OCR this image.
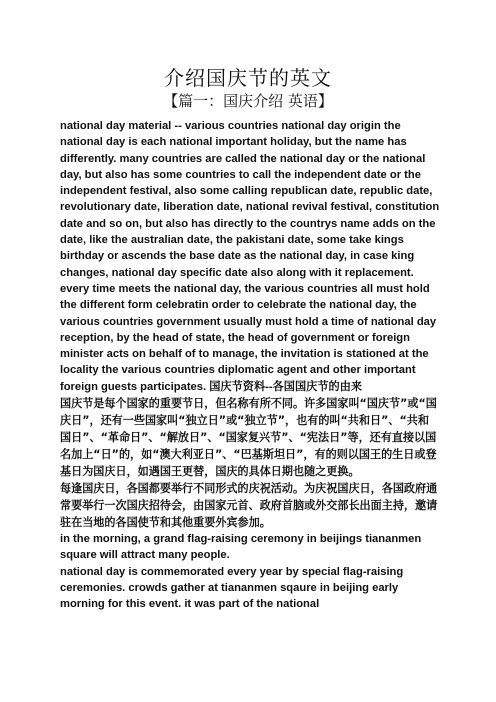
介绍国庆节的英文
【篇一：国庆介绍 英语】

national day material -- various countries national day origin the national day is each national important holiday, but the name has differently. many countries are called the national day or the national day, but also has some countries to call the independent date or the independent festival, also some calling republican date, republic date, revolutionary date, liberation date, national revival festival, constitution date and so on, but also has directly to the countrys name adds on the date, like the australian date, the pakistani date, some take kings birthday or ascends the base date as the national day, in case king changes, national day specific date also along with it replacement.

every time meets the national day, the various countries all must hold the different form celebratin order to celebrate the national day, the various countries government usually must hold a time of national day reception, by the head of state, the head of government or foreign minister acts on behalf of to manage, the invitation is stationed at the locality the various countries diplomatic agent and other important foreign guests participates. 国庆节资料--各国国庆节的由来

国庆节是每个国家的重要节日，但名称有所不同。许多国家叫“国庆节”或“国庆日”，还有一些国家叫“独立日”或“独立节”，也有的叫“共和日”、“共和国日”、“革命日”、“解放日”、“国家复兴节”、“宪法日”等，还有直接以国名加上“日”的，如“澳大利亚日”、“巴基斯坦日”，有的则以国王的生日或登基日为国庆日，如遇国王更替，国庆的具体日期也随之更换。

每逢国庆日，各国都要举行不同形式的庆祝活动。为庆祝国庆日，各国政府通常要举行一次国庆招待会，由国家元首、政府首脑或外交部长出面主持，邀请驻在当地的各国使节和其他重要外宾参加。

in the morning, a grand flag-raising ceremony in beijings tiananmen square will attract many people.

national day is commemorated every year by special flag-raising ceremonies. crowds gather at tiananmen sqaure in beijing early morning for this event. it was part of the national
